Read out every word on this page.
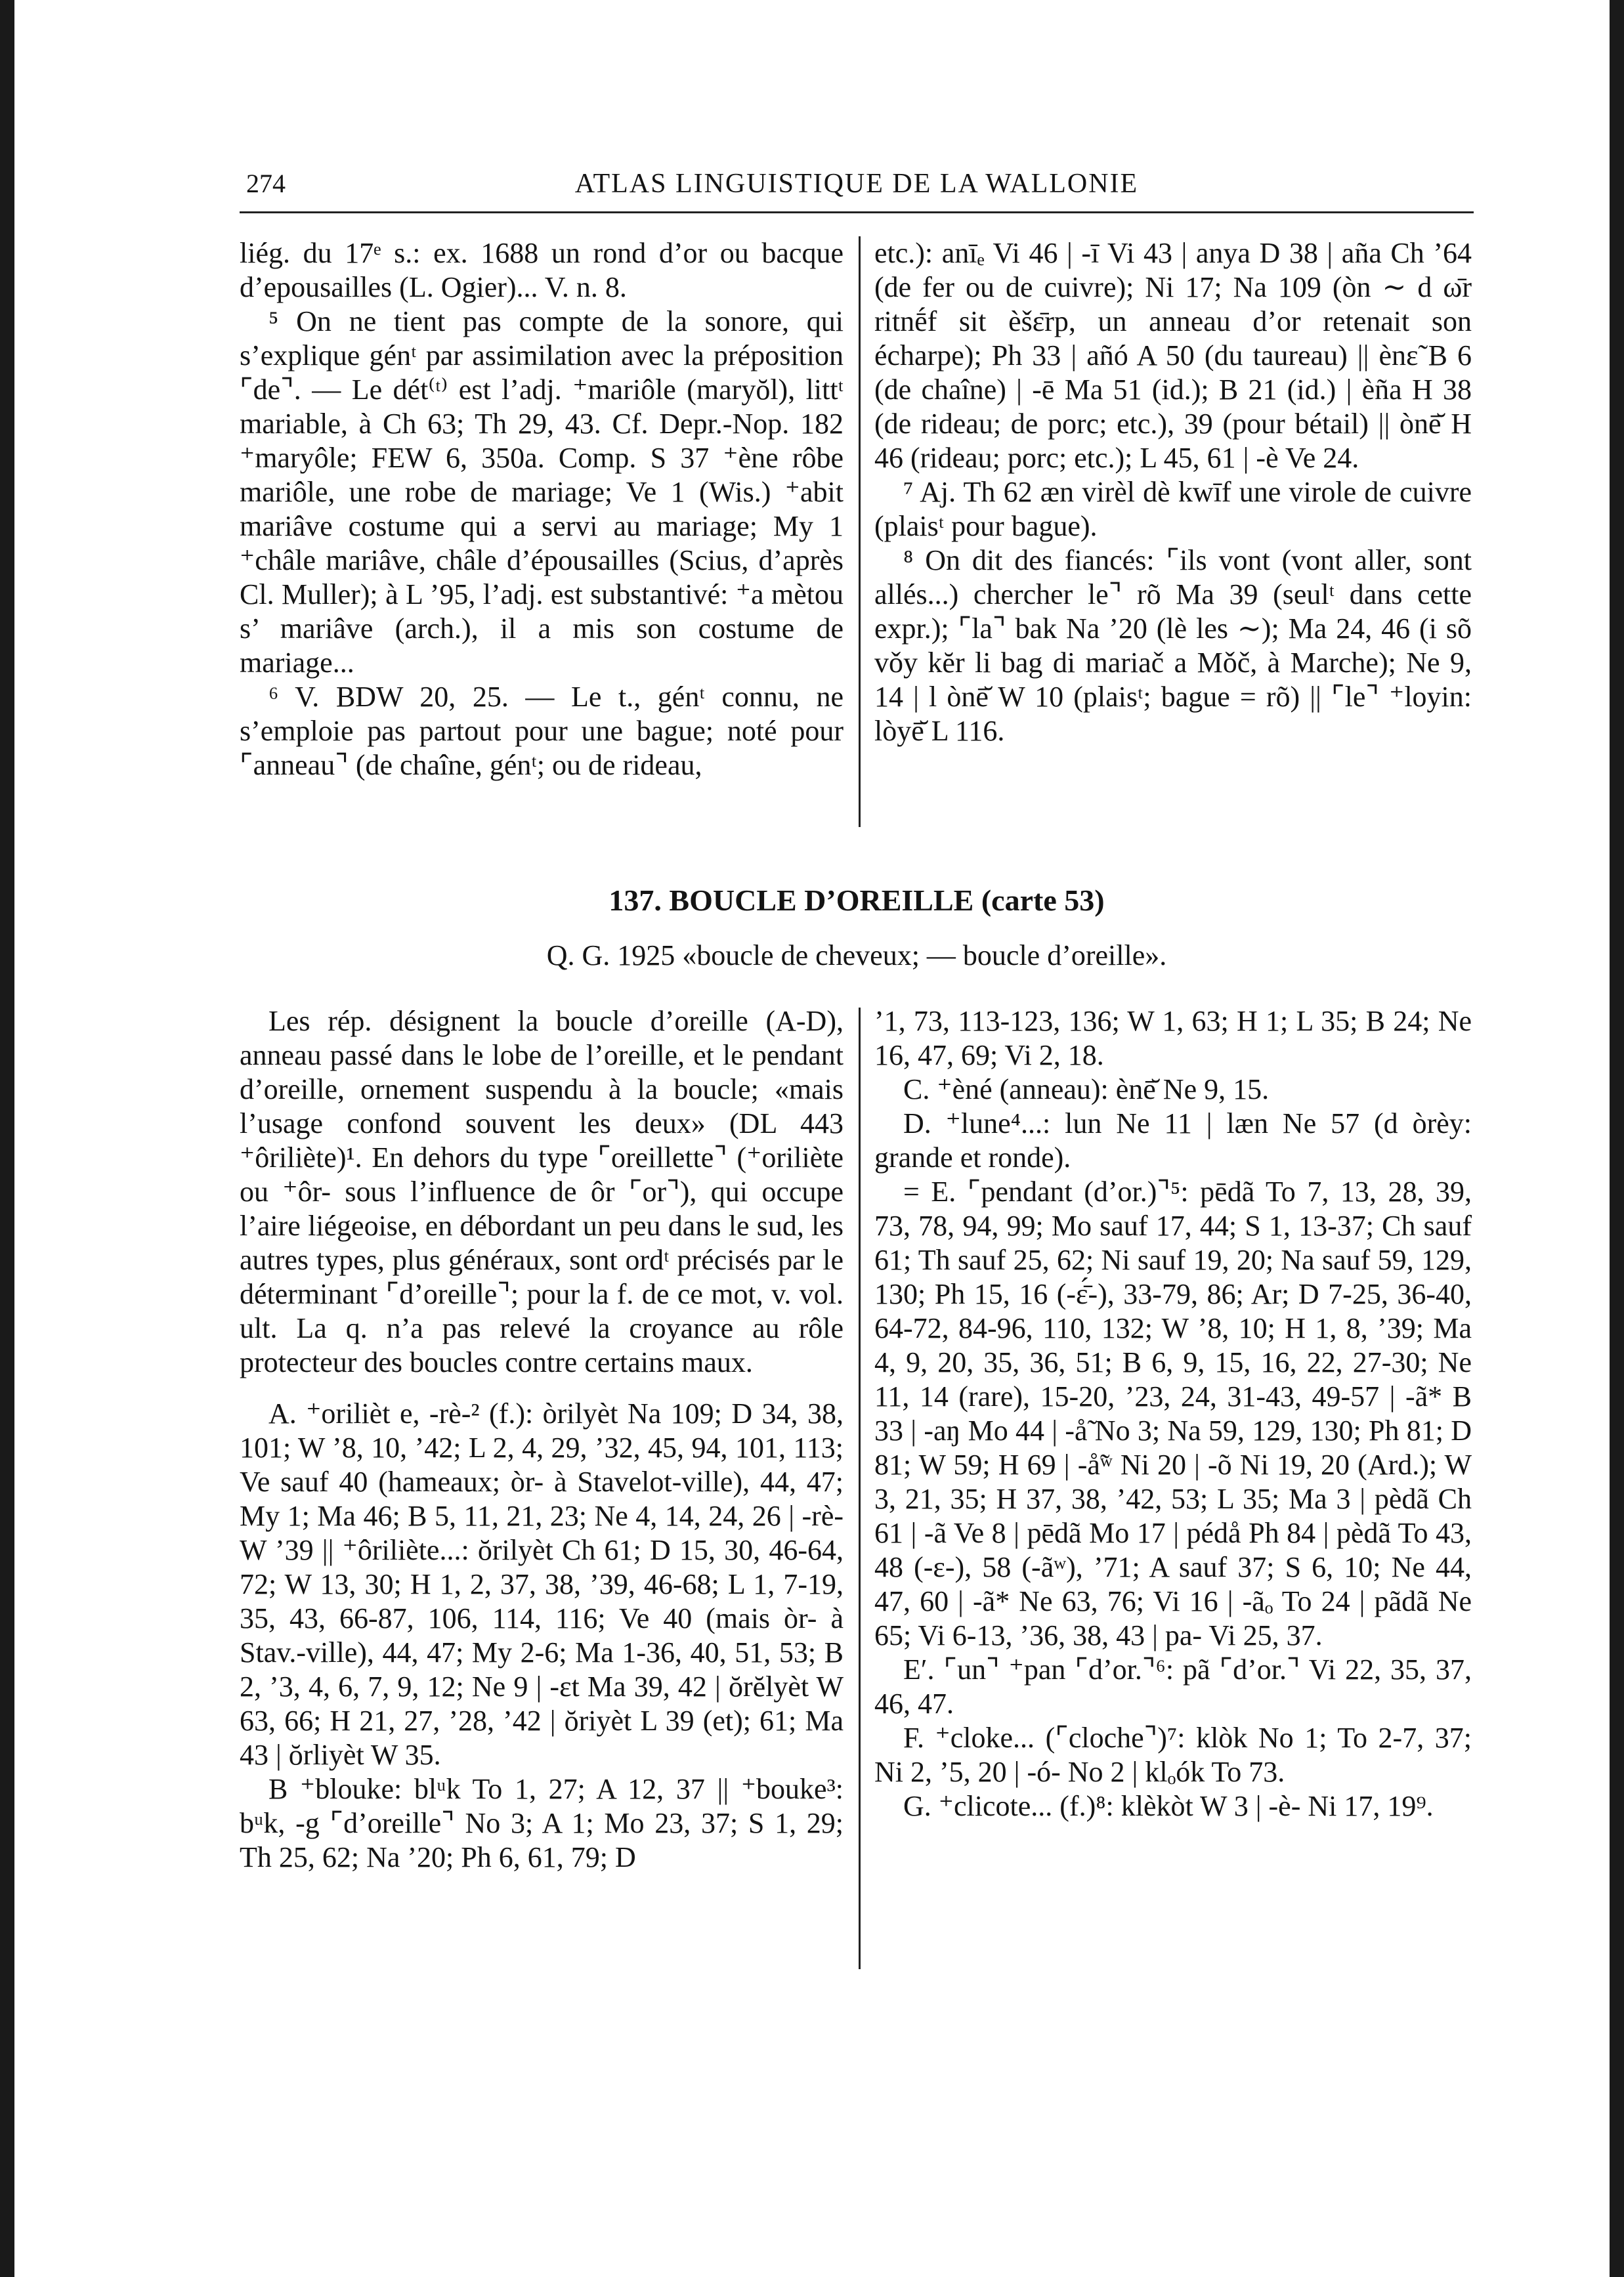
274	ATLAS LINGUISTIQUE DE LA WALLONIE

liég. du 17ᵉ s.: ex. 1688 un rond d’or ou bacque d’epousailles (L. Ogier)... V. n. 8.

⁵ On ne tient pas compte de la sonore, qui s’explique génᵗ par assimilation avec la préposition ⌜de⌝. — Le dét⁽ᵗ⁾ est l’adj. ⁺mariôle (maryŏl), littᵗ mariable, à Ch 63; Th 29, 43. Cf. Depr.-Nop. 182 ⁺maryôle; FEW 6, 350a. Comp. S 37 ⁺ène rôbe mariôle, une robe de mariage; Ve 1 (Wis.) ⁺abit mariâve costume qui a servi au mariage; My 1 ⁺châle mariâve, châle d’épousailles (Scius, d’après Cl. Muller); à L ’95, l’adj. est substantivé: ⁺a mètou s’ mariâve (arch.), il a mis son costume de mariage...

⁶ V. BDW 20, 25. — Le t., génᵗ connu, ne s’emploie pas partout pour une bague; noté pour ⌜anneau⌝ (de chaîne, génᵗ; ou de rideau,

etc.): anīₑ Vi 46 | -ī Vi 43 | anya D 38 | aña Ch ’64 (de fer ou de cuivre); Ni 17; Na 109 (òn ∼ d ω̄r ritnḗf sit èšε̄rp, un anneau d’or retenait son écharpe); Ph 33 | añó A 50 (du taureau) || ènε̃ B 6 (de chaîne) | -ē Ma 51 (id.); B 21 (id.) | èña H 38 (de rideau; de porc; etc.), 39 (pour bétail) || ònē̆ H 46 (rideau; porc; etc.); L 45, 61 | -è Ve 24.

⁷ Aj. Th 62 æn virèl dè kwīf une virole de cuivre (plaisᵗ pour bague).

⁸ On dit des fiancés: ⌜ils vont (vont aller, sont allés...) chercher le⌝ rõ Ma 39 (seulᵗ dans cette expr.); ⌜la⌝ bak Na ’20 (lè les ∼); Ma 24, 46 (i sõ vǒy kĕr li bag di mariač a Mǒč, à Marche); Ne 9, 14 | l ònē̆ W 10 (plaisᵗ; bague = rõ) || ⌜le⌝ ⁺loyin: lòyē̆ L 116.

137. BOUCLE D’OREILLE (carte 53)
Q. G. 1925 «boucle de cheveux; — boucle d’oreille».

Les rép. désignent la boucle d’oreille (A-D), anneau passé dans le lobe de l’oreille, et le pendant d’oreille, ornement suspendu à la boucle; «mais l’usage confond souvent les deux» (DL 443 ⁺ôriliète)¹. En dehors du type ⌜oreillette⌝ (⁺oriliète ou ⁺ôr- sous l’influence de ôr ⌜or⌝), qui occupe l’aire liégeoise, en débordant un peu dans le sud, les autres types, plus généraux, sont ordᵗ précisés par le déterminant ⌜d’oreille⌝; pour la f. de ce mot, v. vol. ult. La q. n’a pas relevé la croyance au rôle protecteur des boucles contre certains maux.

A. ⁺orilièt e, -rè-² (f.): òrilyèt Na 109; D 34, 38, 101; W ’8, 10, ’42; L 2, 4, 29, ’32, 45, 94, 101, 113; Ve sauf 40 (hameaux; òr- à Stavelot-ville), 44, 47; My 1; Ma 46; B 5, 11, 21, 23; Ne 4, 14, 24, 26 | -rè- W ’39 || ⁺ôriliète...: ŏrilyèt Ch 61; D 15, 30, 46-64, 72; W 13, 30; H 1, 2, 37, 38, ’39, 46-68; L 1, 7-19, 35, 43, 66-87, 106, 114, 116; Ve 40 (mais òr- à Stav.-ville), 44, 47; My 2-6; Ma 1-36, 40, 51, 53; B 2, ’3, 4, 6, 7, 9, 12; Ne 9 | -εt Ma 39, 42 | ŏrĕlyèt W 63, 66; H 21, 27, ’28, ’42 | ŏriyèt L 39 (et); 61; Ma 43 | ŏrliyèt W 35.

B ⁺blouke: blᵘk To 1, 27; A 12, 37 || ⁺bouke³: bᵘk, -g ⌜d’oreille⌝ No 3; A 1; Mo 23, 37; S 1, 29; Th 25, 62; Na ’20; Ph 6, 61, 79; D

’1, 73, 113-123, 136; W 1, 63; H 1; L 35; B 24; Ne 16, 47, 69; Vi 2, 18.

C. ⁺èné (anneau): ènē̆ Ne 9, 15.

D. ⁺lune⁴...: lun Ne 11 | læn Ne 57 (d òrèy: grande et ronde).

= E. ⌜pendant (d’or.)⌝⁵: pēdã To 7, 13, 28, 39, 73, 78, 94, 99; Mo sauf 17, 44; S 1, 13-37; Ch sauf 61; Th sauf 25, 62; Ni sauf 19, 20; Na sauf 59, 129, 130; Ph 15, 16 (-ε̄́-), 33-79, 86; Ar; D 7-25, 36-40, 64-72, 84-96, 110, 132; W ’8, 10; H 1, 8, ’39; Ma 4, 9, 20, 35, 36, 51; B 6, 9, 15, 16, 22, 27-30; Ne 11, 14 (rare), 15-20, ’23, 24, 31-43, 49-57 | -ã* B 33 | -aŋ Mo 44 | -å̃ No 3; Na 59, 129, 130; Ph 81; D 81; W 59; H 69 | -å̃ʷ Ni 20 | -õ Ni 19, 20 (Ard.); W 3, 21, 35; H 37, 38, ’42, 53; L 35; Ma 3 | pèdã Ch 61 | -ã Ve 8 | pēdã Mo 17 | pédå Ph 84 | pèdã To 43, 48 (-ε-), 58 (-ãʷ), ’71; A sauf 37; S 6, 10; Ne 44, 47, 60 | -ã* Ne 63, 76; Vi 16 | -ãₒ To 24 | pãdã Ne 65; Vi 6-13, ’36, 38, 43 | pa- Vi 25, 37.

E′. ⌜un⌝ ⁺pan ⌜d’or.⌝⁶: pã ⌜d’or.⌝ Vi 22, 35, 37, 46, 47.

F. ⁺cloke... (⌜cloche⌝)⁷: klòk No 1; To 2-7, 37; Ni 2, ’5, 20 | -ó- No 2 | klₒók To 73.

G. ⁺clicote... (f.)⁸: klèkòt W 3 | -è- Ni 17, 19⁹.
